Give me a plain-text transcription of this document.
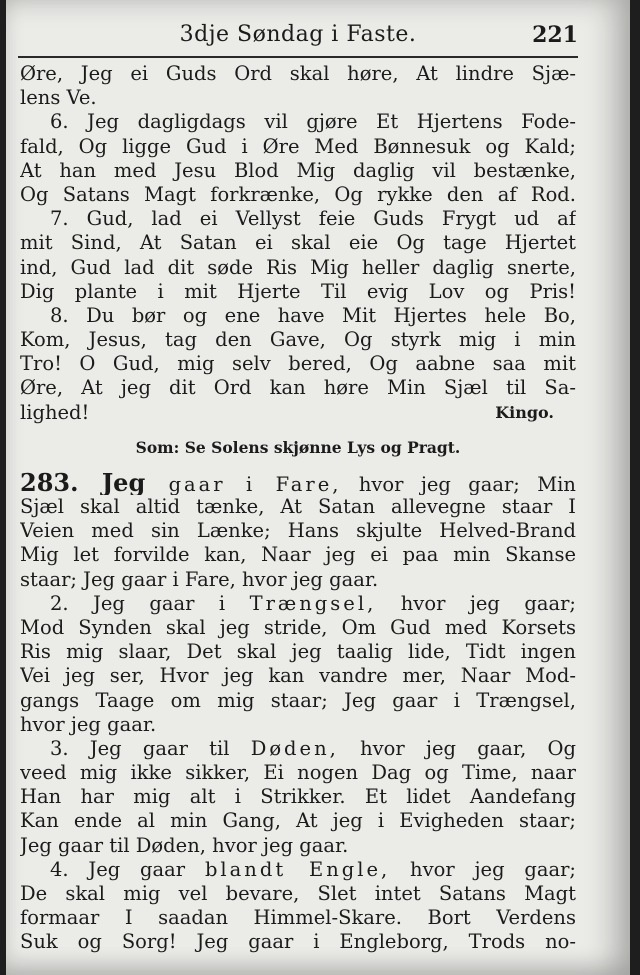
3dje Søndag i Faste.	221
Øre, Jeg ei Guds Ord skal høre, At lindre Sjæ-
lens Ve.
6. Jeg dagligdags vil gjøre Et Hjertens Fode-
fald, Og ligge Gud i Øre Med Bønnesuk og Kald;
At han med Jesu Blod Mig daglig vil bestænke,
Og Satans Magt forkrænke, Og rykke den af Rod.
7. Gud, lad ei Vellyst feie Guds Frygt ud af
mit Sind, At Satan ei skal eie Og tage Hjertet
ind, Gud lad dit søde Ris Mig heller daglig snerte,
Dig plante i mit Hjerte Til evig Lov og Pris!
8. Du bør og ene have Mit Hjertes hele Bo,
Kom, Jesus, tag den Gave, Og styrk mig i min
Tro! O Gud, mig selv bered, Og aabne saa mit
Øre, At jeg dit Ord kan høre Min Sjæl til Sa-
lighed!	Kingo.
Som: Se Solens skjønne Lys og Pragt.
283. Jeg gaar i Fare, hvor jeg gaar; Min
Sjæl skal altid tænke, At Satan allevegne staar I
Veien med sin Lænke; Hans skjulte Helved-Brand
Mig let forvilde kan, Naar jeg ei paa min Skanse
staar; Jeg gaar i Fare, hvor jeg gaar.
2. Jeg gaar i Trængsel, hvor jeg gaar;
Mod Synden skal jeg stride, Om Gud med Korsets
Ris mig slaar, Det skal jeg taalig lide, Tidt ingen
Vei jeg ser, Hvor jeg kan vandre mer, Naar Mod-
gangs Taage om mig staar; Jeg gaar i Trængsel,
hvor jeg gaar.
3. Jeg gaar til Døden, hvor jeg gaar, Og
veed mig ikke sikker, Ei nogen Dag og Time, naar
Han har mig alt i Strikker. Et lidet Aandefang
Kan ende al min Gang, At jeg i Evigheden staar;
Jeg gaar til Døden, hvor jeg gaar.
4. Jeg gaar blandt Engle, hvor jeg gaar;
De skal mig vel bevare, Slet intet Satans Magt
formaar I saadan Himmel-Skare. Bort Verdens
Suk og Sorg! Jeg gaar i Engleborg, Trods no-
